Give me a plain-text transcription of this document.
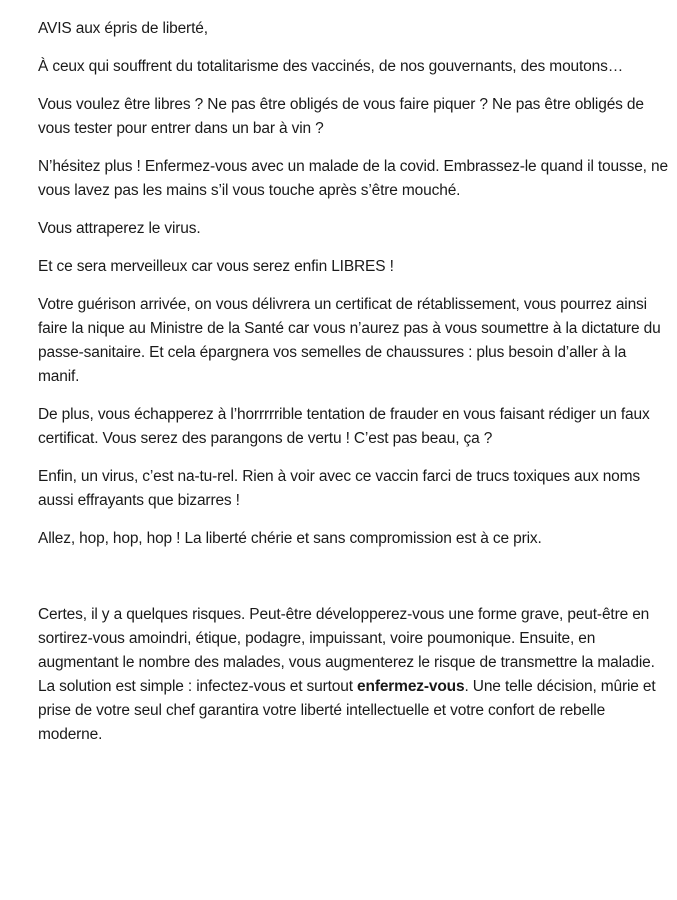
AVIS aux épris de liberté,

À ceux qui souffrent du totalitarisme des vaccinés, de nos gouvernants, des moutons…

Vous voulez être libres ? Ne pas être obligés de vous faire piquer ? Ne pas être obligés de vous tester pour entrer dans un bar à vin ?

N’hésitez plus ! Enfermez-vous avec un malade de la covid. Embrassez-le quand il tousse, ne vous lavez pas les mains s’il vous touche après s’être mouché.

Vous attraperez le virus.

Et ce sera merveilleux car vous serez enfin LIBRES !

Votre guérison arrivée, on vous délivrera un certificat de rétablissement, vous pourrez ainsi faire la nique au Ministre de la Santé car vous n’aurez pas à vous soumettre à la dictature du passe-sanitaire. Et cela épargnera vos semelles de chaussures : plus besoin d’aller à la manif.

De plus, vous échapperez à l’horrrrrible tentation de frauder en vous faisant rédiger un faux certificat. Vous serez des parangons de vertu ! C’est pas beau, ça ?

Enfin, un virus, c’est na-tu-rel. Rien à voir avec ce vaccin farci de trucs toxiques aux noms aussi effrayants que bizarres !

Allez, hop, hop, hop ! La liberté chérie et sans compromission est à ce prix.

Certes, il y a quelques risques. Peut-être développerez-vous une forme grave, peut-être en sortirez-vous amoindri, étique, podagre, impuissant, voire poumonique. Ensuite, en augmentant le nombre des malades, vous augmenterez le risque de transmettre la maladie. La solution est simple : infectez-vous et surtout enfermez-vous. Une telle décision, mûrie et prise de votre seul chef garantira votre liberté intellectuelle et votre confort de rebelle moderne.
